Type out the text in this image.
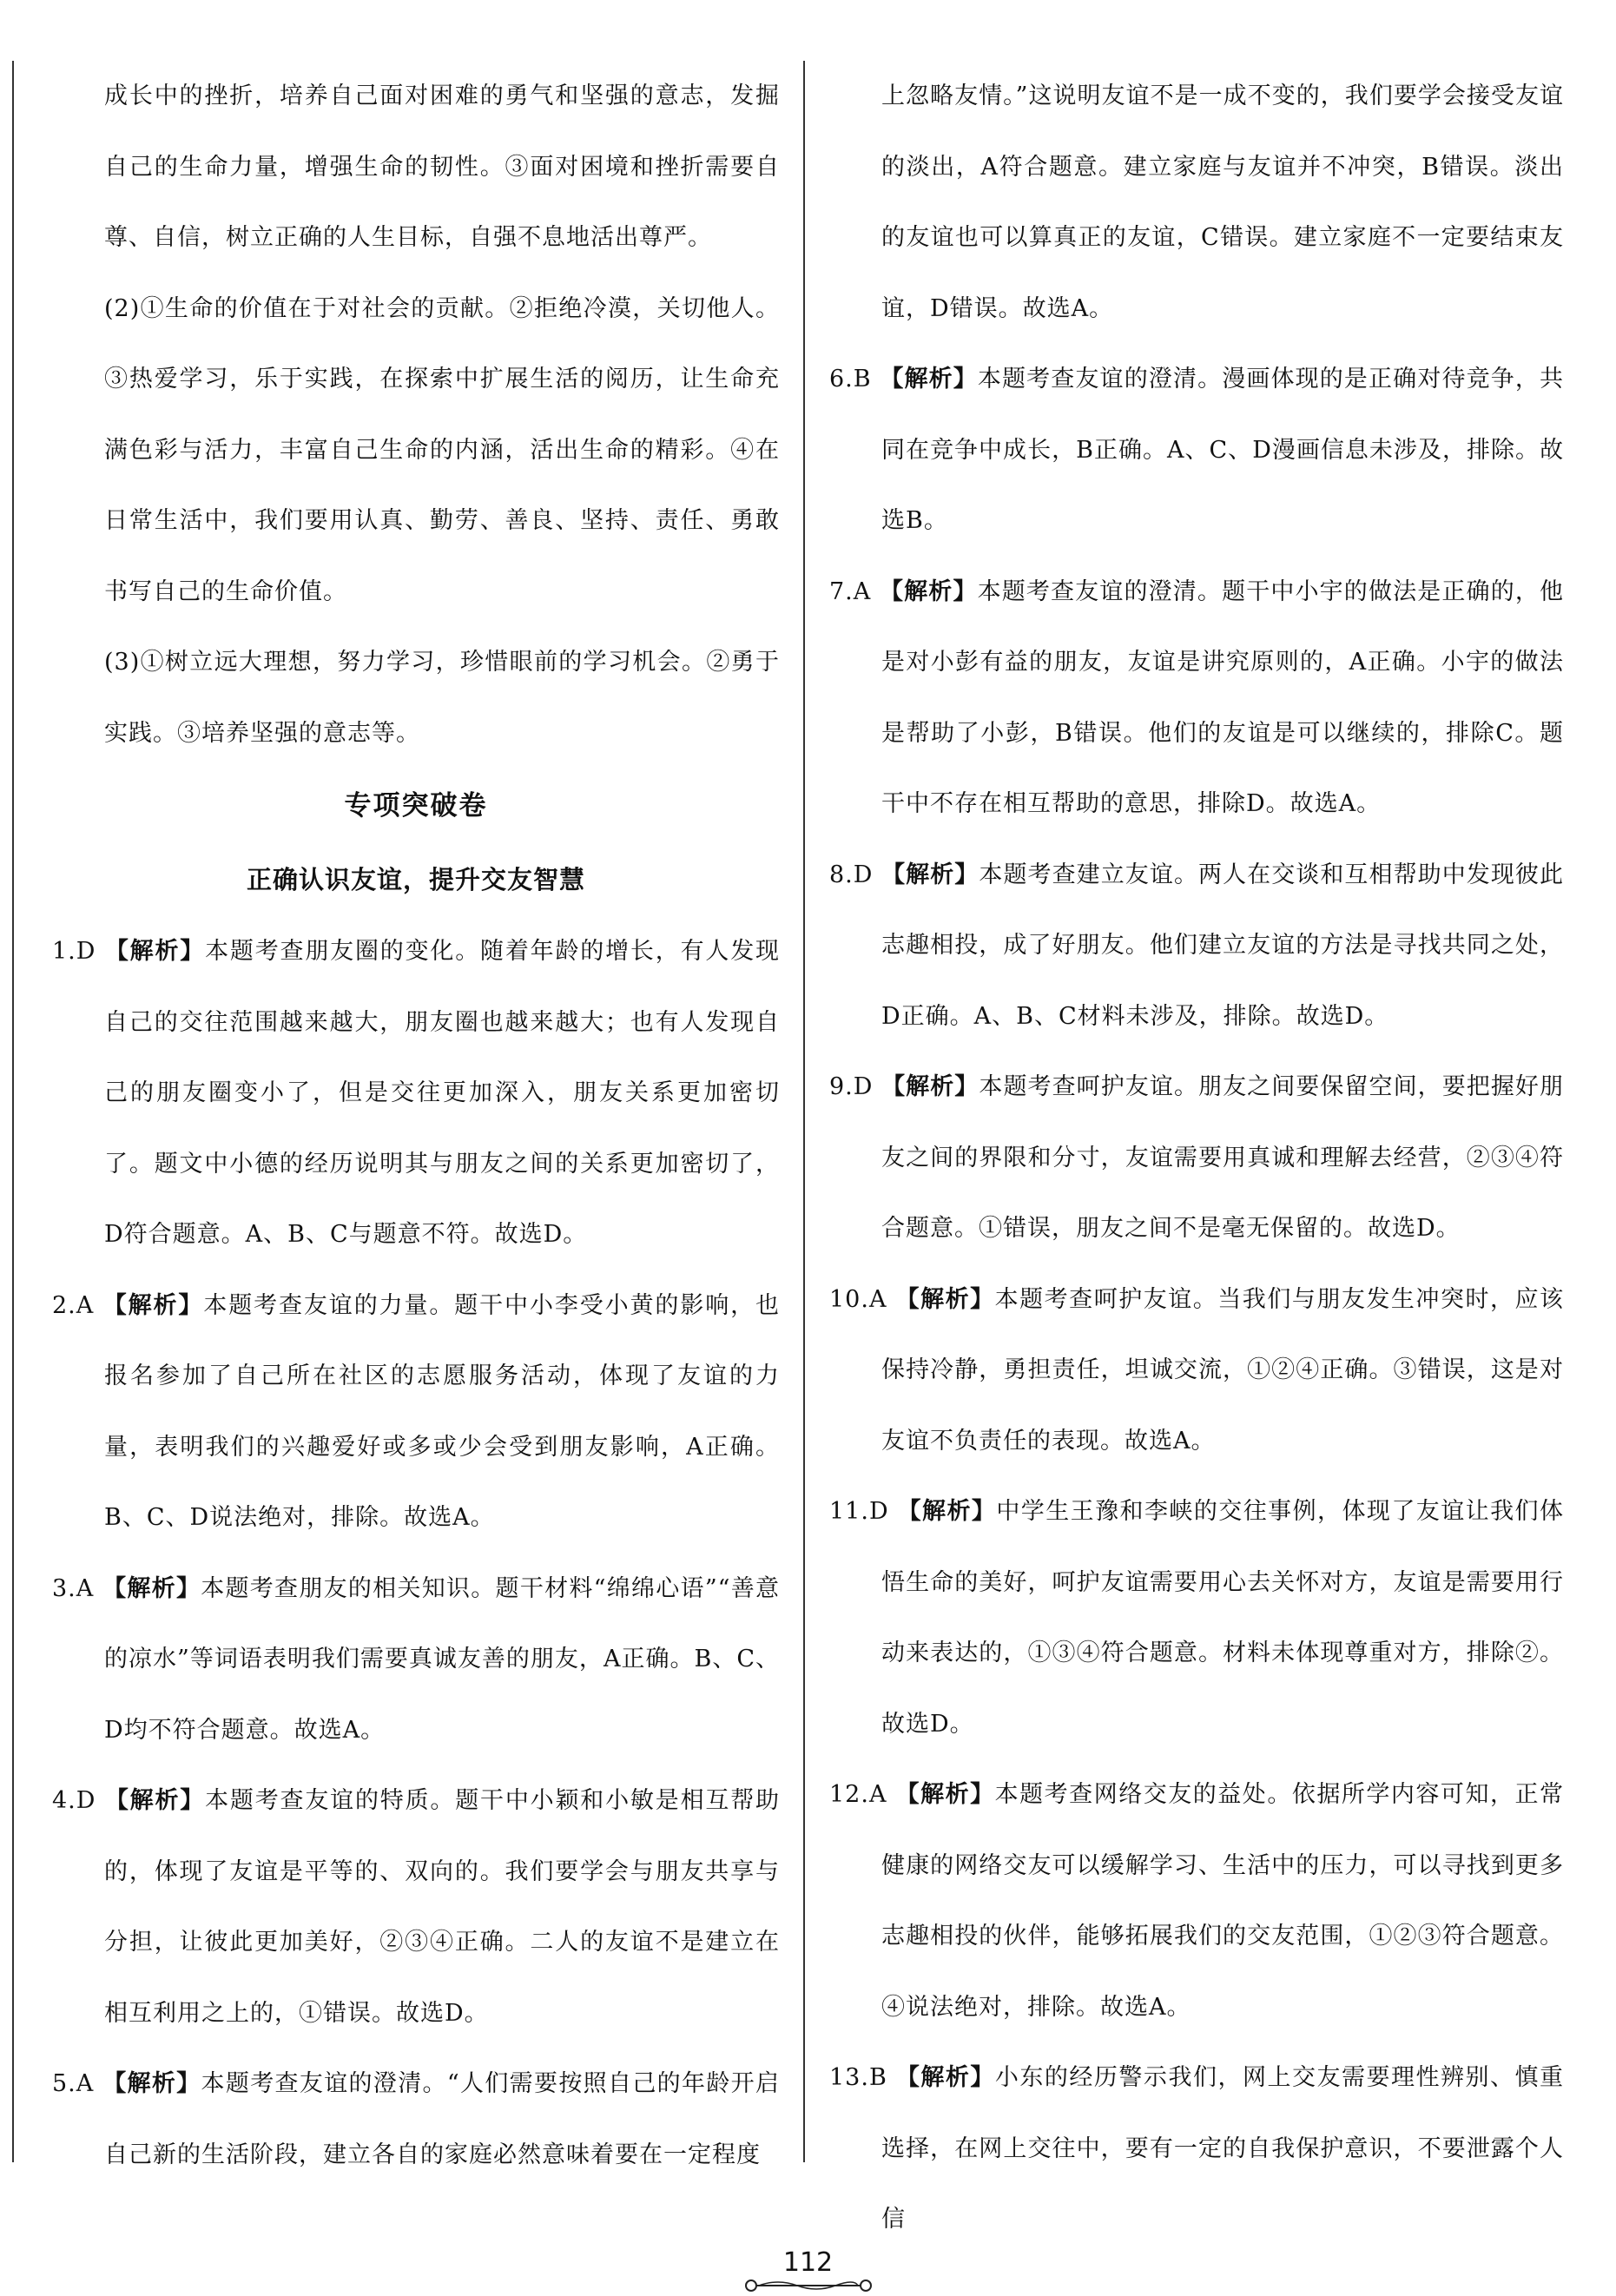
成长中的挫折，培养自己面对困难的勇气和坚强的意志，发掘自己的生命力量，增强生命的韧性。③面对困境和挫折需要自尊、自信，树立正确的人生目标，自强不息地活出尊严。

(2)①生命的价值在于对社会的贡献。②拒绝冷漠，关切他人。③热爱学习，乐于实践，在探索中扩展生活的阅历，让生命充满色彩与活力，丰富自己生命的内涵，活出生命的精彩。④在日常生活中，我们要用认真、勤劳、善良、坚持、责任、勇敢书写自己的生命价值。

(3)①树立远大理想，努力学习，珍惜眼前的学习机会。②勇于实践。③培养坚强的意志等。

专项突破卷

正确认识友谊，提升交友智慧

1.D 【解析】本题考查朋友圈的变化。随着年龄的增长，有人发现自己的交往范围越来越大，朋友圈也越来越大；也有人发现自己的朋友圈变小了，但是交往更加深入，朋友关系更加密切了。题文中小德的经历说明其与朋友之间的关系更加密切了，D符合题意。A、B、C与题意不符。故选D。

2.A 【解析】本题考查友谊的力量。题干中小李受小黄的影响，也报名参加了自己所在社区的志愿服务活动，体现了友谊的力量，表明我们的兴趣爱好或多或少会受到朋友影响，A正确。B、C、D说法绝对，排除。故选A。

3.A 【解析】本题考查朋友的相关知识。题干材料“绵绵心语”“善意的凉水”等词语表明我们需要真诚友善的朋友，A正确。B、C、D均不符合题意。故选A。

4.D 【解析】本题考查友谊的特质。题干中小颖和小敏是相互帮助的，体现了友谊是平等的、双向的。我们要学会与朋友共享与分担，让彼此更加美好，②③④正确。二人的友谊不是建立在相互利用之上的，①错误。故选D。

5.A 【解析】本题考查友谊的澄清。“人们需要按照自己的年龄开启自己新的生活阶段，建立各自的家庭必然意味着要在一定程度

上忽略友情。”这说明友谊不是一成不变的，我们要学会接受友谊的淡出，A符合题意。建立家庭与友谊并不冲突，B错误。淡出的友谊也可以算真正的友谊，C错误。建立家庭不一定要结束友谊，D错误。故选A。

6.B 【解析】本题考查友谊的澄清。漫画体现的是正确对待竞争，共同在竞争中成长，B正确。A、C、D漫画信息未涉及，排除。故选B。

7.A 【解析】本题考查友谊的澄清。题干中小宇的做法是正确的，他是对小彭有益的朋友，友谊是讲究原则的，A正确。小宇的做法是帮助了小彭，B错误。他们的友谊是可以继续的，排除C。题干中不存在相互帮助的意思，排除D。故选A。

8.D 【解析】本题考查建立友谊。两人在交谈和互相帮助中发现彼此志趣相投，成了好朋友。他们建立友谊的方法是寻找共同之处，D正确。A、B、C材料未涉及，排除。故选D。

9.D 【解析】本题考查呵护友谊。朋友之间要保留空间，要把握好朋友之间的界限和分寸，友谊需要用真诚和理解去经营，②③④符合题意。①错误，朋友之间不是毫无保留的。故选D。

10.A 【解析】本题考查呵护友谊。当我们与朋友发生冲突时，应该保持冷静，勇担责任，坦诚交流，①②④正确。③错误，这是对友谊不负责任的表现。故选A。

11.D 【解析】中学生王豫和李峡的交往事例，体现了友谊让我们体悟生命的美好，呵护友谊需要用心去关怀对方，友谊是需要用行动来表达的，①③④符合题意。材料未体现尊重对方，排除②。故选D。

12.A 【解析】本题考查网络交友的益处。依据所学内容可知，正常健康的网络交友可以缓解学习、生活中的压力，可以寻找到更多志趣相投的伙伴，能够拓展我们的交友范围，①②③符合题意。④说法绝对，排除。故选A。

13.B 【解析】小东的经历警示我们，网上交友需要理性辨别、慎重选择，在网上交往中，要有一定的自我保护意识，不要泄露个人信

112
